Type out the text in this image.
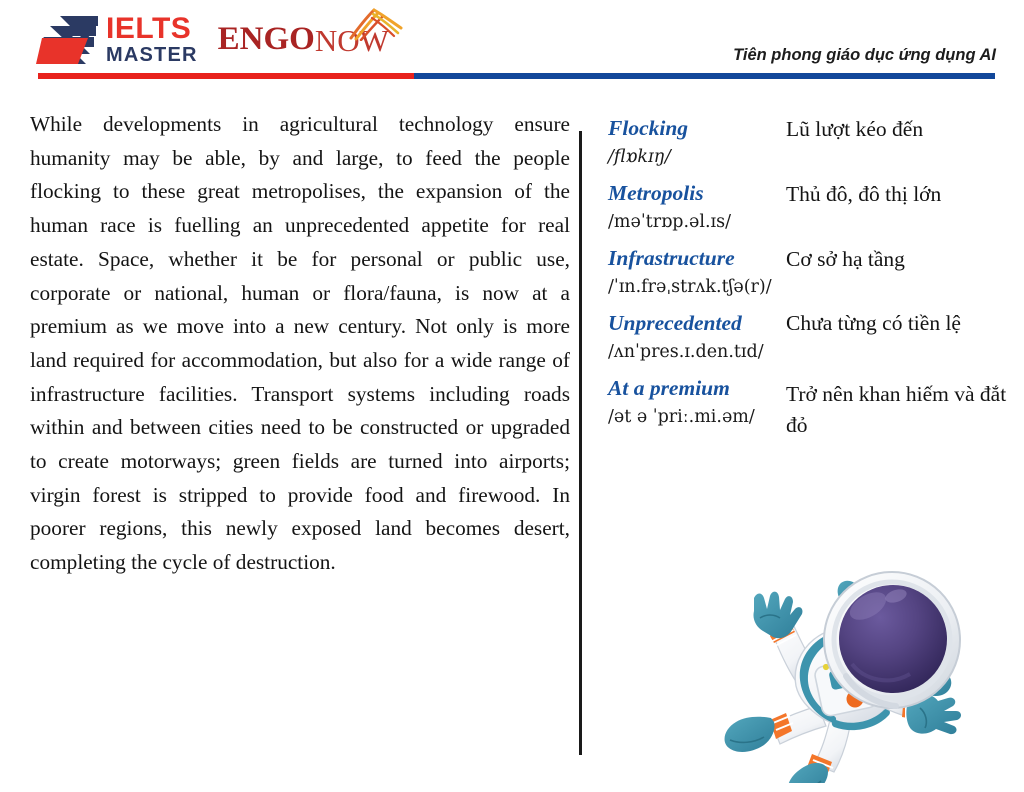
IELTS
MASTER ENGO NOW	Tiên phong giáo dục ứng dụng AI
While developments in agricultural technology ensure humanity may be able, by and large, to feed the people flocking to these great metropolises, the expansion of the human race is fuelling an unprecedented appetite for real estate. Space, whether it be for personal or public use, corporate or national, human or flora/fauna, is now at a premium as we move into a new century. Not only is more land required for accommodation, but also for a wide range of infrastructure facilities. Transport systems including roads within and between cities need to be constructed or upgraded to create motorways; green fields are turned into airports; virgin forest is stripped to provide food and firewood. In poorer regions, this newly exposed land becomes desert, completing the cycle of destruction.
Flocking
/flɒkɪŋ/
Lũ lượt kéo đến
Metropolis
/məˈtrɒp.əl.ɪs/
Thủ đô, đô thị lớn
Infrastructure
/ˈɪn.frəˌstrʌk.tʃə(r)/
Cơ sở hạ tầng
Unprecedented
/ʌnˈpres.ɪ.den.tɪd/
Chưa từng có tiền lệ
At a premium
/ət ə ˈpriː.mi.əm/
Trở nên khan hiếm và đắt đỏ
